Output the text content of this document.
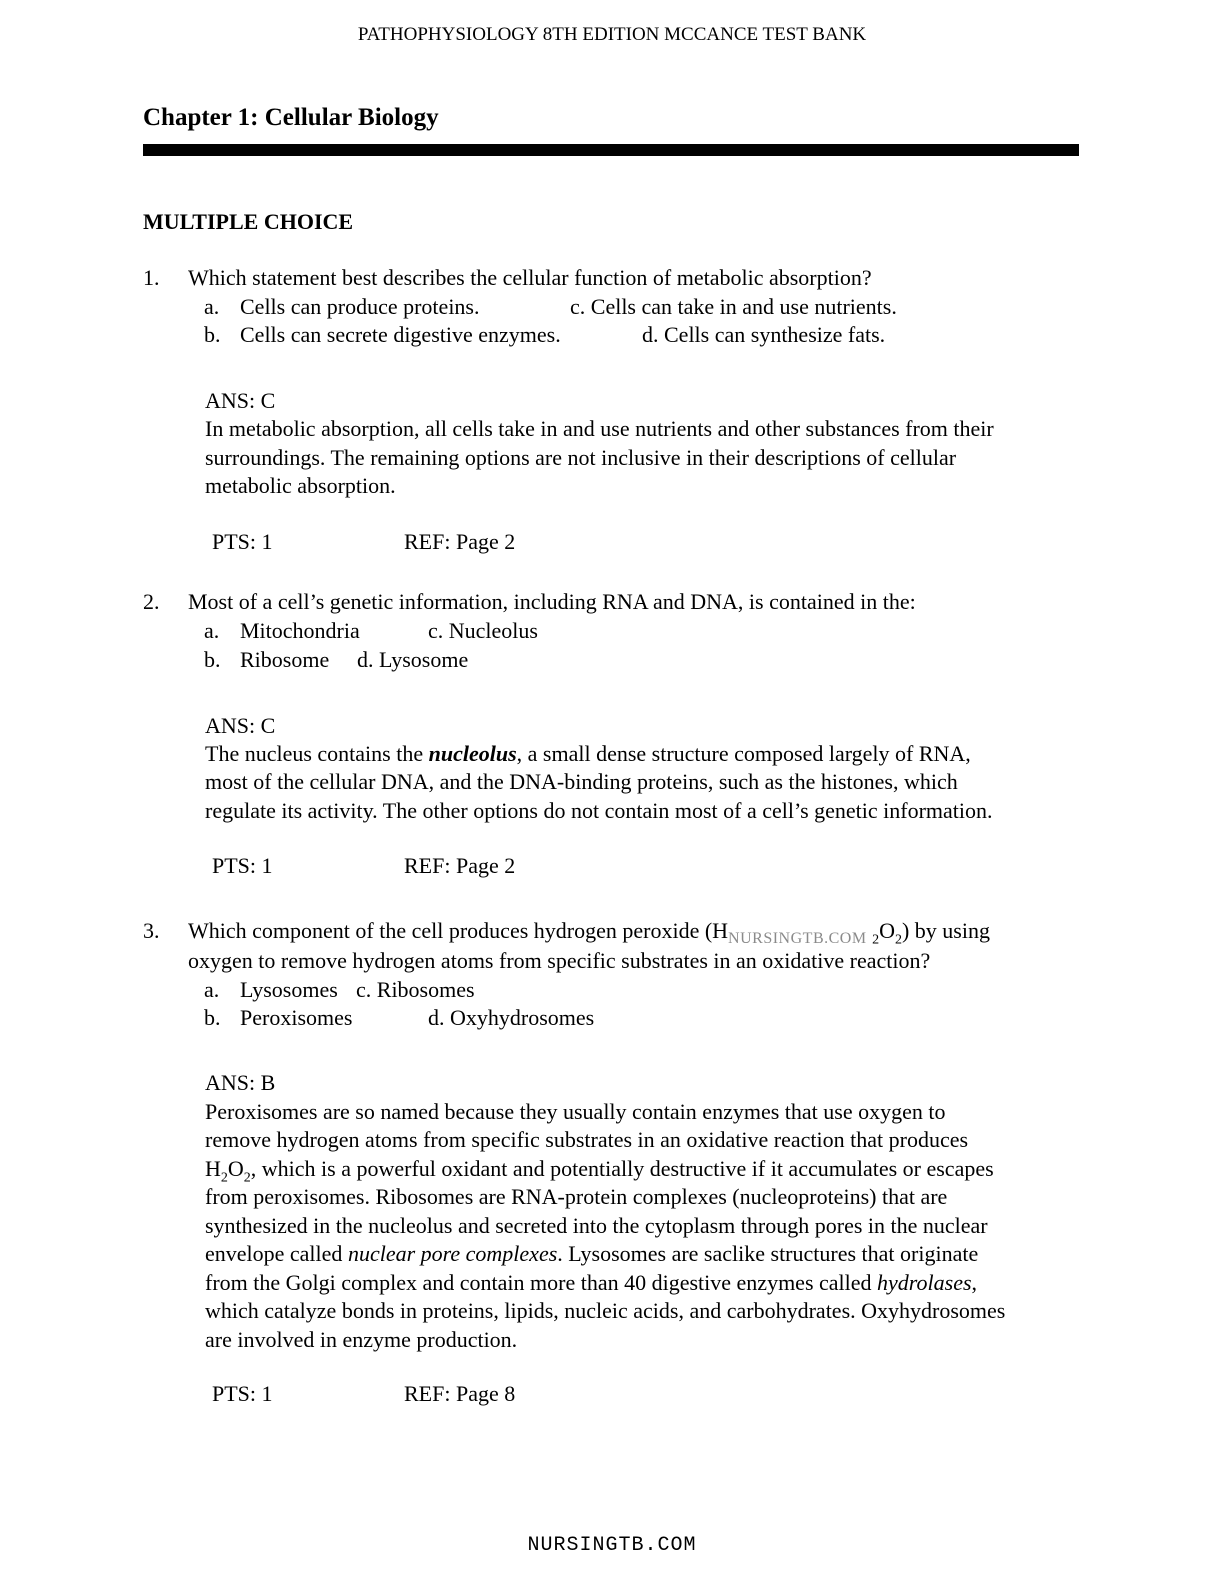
PATHOPHYSIOLOGY 8TH EDITION MCCANCE TEST BANK
Chapter 1: Cellular Biology
MULTIPLE CHOICE
1. Which statement best describes the cellular function of metabolic absorption?
a. Cells can produce proteins.	c. Cells can take in and use nutrients.
b. Cells can secrete digestive enzymes.	d. Cells can synthesize fats.
ANS: C
In metabolic absorption, all cells take in and use nutrients and other substances from their
surroundings. The remaining options are not inclusive in their descriptions of cellular
metabolic absorption.
PTS: 1	REF: Page 2
2. Most of a cell’s genetic information, including RNA and DNA, is contained in the:
a. Mitochondria	c. Nucleolus
b. Ribosome d. Lysosome
ANS: C
The nucleus contains the nucleolus, a small dense structure composed largely of RNA,
most of the cellular DNA, and the DNA-binding proteins, such as the histones, which
regulate its activity. The other options do not contain most of a cell’s genetic information.
PTS: 1	REF: Page 2
3. Which component of the cell produces hydrogen peroxide ($H_{NURSINGTB.COM}$ $_2O_2$) by using
oxygen to remove hydrogen atoms from specific substrates in an oxidative reaction?
a. Lysosomes c. Ribosomes
b. Peroxisomes	d. Oxyhydrosomes
ANS: B
Peroxisomes are so named because they usually contain enzymes that use oxygen to
remove hydrogen atoms from specific substrates in an oxidative reaction that produces
$H_2O_2$, which is a powerful oxidant and potentially destructive if it accumulates or escapes
from peroxisomes. Ribosomes are RNA-protein complexes (nucleoproteins) that are
synthesized in the nucleolus and secreted into the cytoplasm through pores in the nuclear
envelope called nuclear pore complexes. Lysosomes are saclike structures that originate
from the Golgi complex and contain more than 40 digestive enzymes called hydrolases,
which catalyze bonds in proteins, lipids, nucleic acids, and carbohydrates. Oxyhydrosomes
are involved in enzyme production.
PTS: 1	REF: Page 8
NURSINGTB.COM
